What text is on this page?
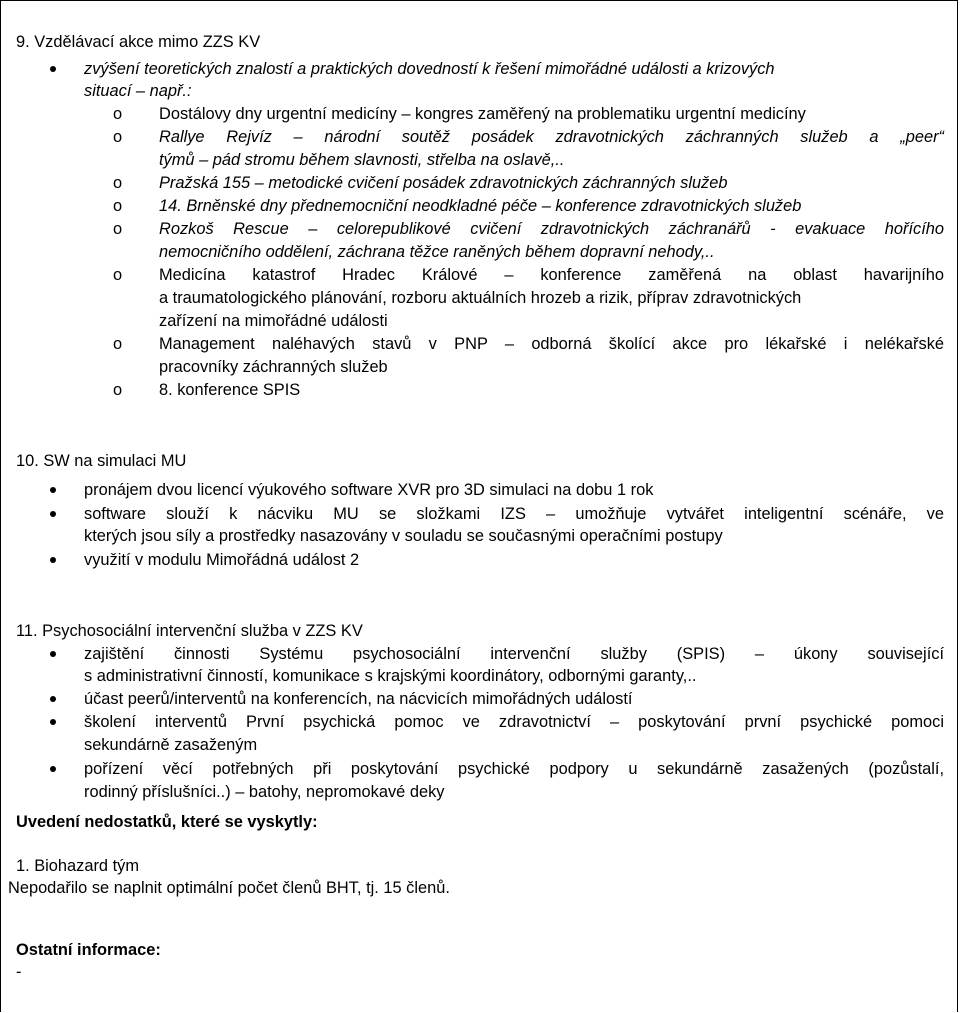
9. Vzdělávací akce mimo ZZS KV
zvýšení teoretických znalostí a praktických dovedností k řešení mimořádné události a krizových
situací – např.:
o Dostálovy dny urgentní medicíny – kongres zaměřený na problematiku urgentní medicíny
o Rallye Rejvíz – národní soutěž posádek zdravotnických záchranných služeb a „peer“
týmů – pád stromu během slavnosti, střelba na oslavě,..
o Pražská 155 – metodické cvičení posádek zdravotnických záchranných služeb
o 14. Brněnské dny přednemocniční neodkladné péče – konference zdravotnických služeb
o Rozkoš Rescue – celorepublikové cvičení zdravotnických záchranářů - evakuace hořícího
nemocničního oddělení, záchrana těžce raněných během dopravní nehody,..
o Medicína katastrof Hradec Králové – konference zaměřená na oblast havarijního
a traumatologického plánování, rozboru aktuálních hrozeb a rizik, příprav zdravotnických
zařízení na mimořádné události
o Management naléhavých stavů v PNP – odborná školící akce pro lékařské i nelékařské
pracovníky záchranných služeb
o 8. konference SPIS
10. SW na simulaci MU
pronájem dvou licencí výukového software XVR pro 3D simulaci na dobu 1 rok
software slouží k nácviku MU se složkami IZS – umožňuje vytvářet inteligentní scénáře, ve
kterých jsou síly a prostředky nasazovány v souladu se současnými operačními postupy
využití v modulu Mimořádná událost 2
11. Psychosociální intervenční služba v ZZS KV
zajištění činnosti Systému psychosociální intervenční služby (SPIS) – úkony související
s administrativní činností, komunikace s krajskými koordinátory, odbornými garanty,..
účast peerů/interventů na konferencích, na nácvicích mimořádných událostí
školení interventů První psychická pomoc ve zdravotnictví – poskytování první psychické pomoci
sekundárně zasaženým
pořízení věcí potřebných při poskytování psychické podpory u sekundárně zasažených (pozůstalí,
rodinný příslušníci..) – batohy, nepromokavé deky
Uvedení nedostatků, které se vyskytly:
1. Biohazard tým
Nepodařilo se naplnit optimální počet členů BHT, tj. 15 členů.
Ostatní informace:
-
